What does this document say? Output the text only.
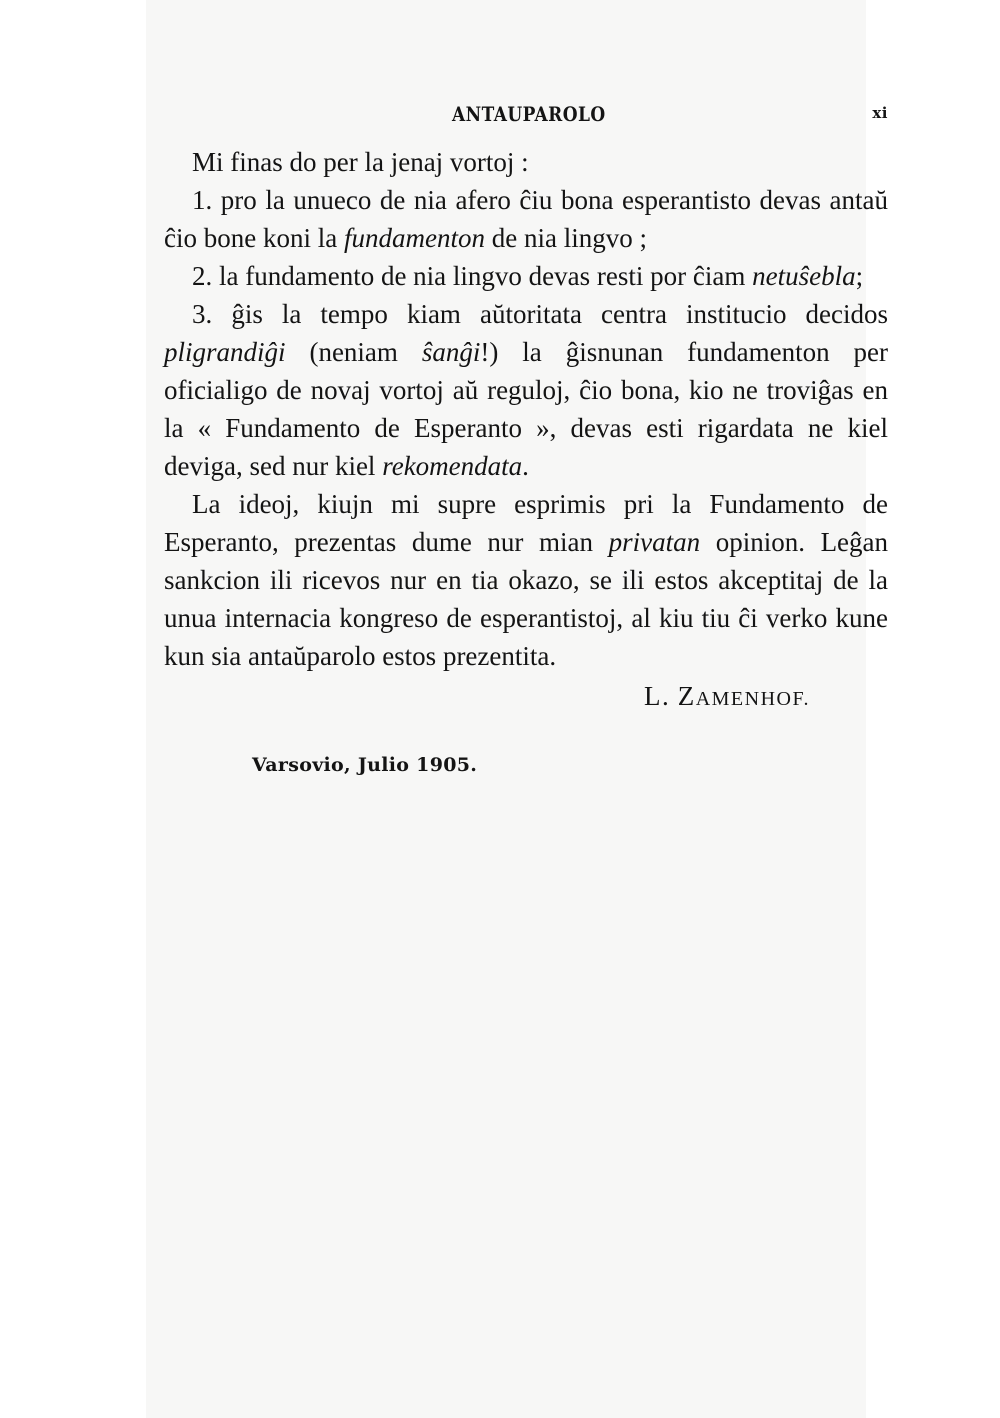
ANTAUPAROLO	xi

Mi finas do per la jenaj vortoj :

1. pro la unueco de nia afero ĉiu bona esperantisto devas antaŭ ĉio bone koni la fundamenton de nia lingvo ;

2. la fundamento de nia lingvo devas resti por ĉiam netuŝebla;

3. ĝis la tempo kiam aŭtoritata centra institucio decidos pligrandiĝi (neniam ŝanĝi!) la ĝisnunan fundamenton per oficialigo de novaj vortoj aŭ reguloj, ĉio bona, kio ne troviĝas en la « Fundamento de Esperanto », devas esti rigardata ne kiel deviga, sed nur kiel rekomendata.

La ideoj, kiujn mi supre esprimis pri la Fundamento de Esperanto, prezentas dume nur mian privatan opinion. Leĝan sankcion ili ricevos nur en tia okazo, se ili estos akceptitaj de la unua internacia kongreso de esperantistoj, al kiu tiu ĉi verko kune kun sia antaŭparolo estos prezentita.

L. ZAMENHOF.
Varsovio, Julio 1905.
